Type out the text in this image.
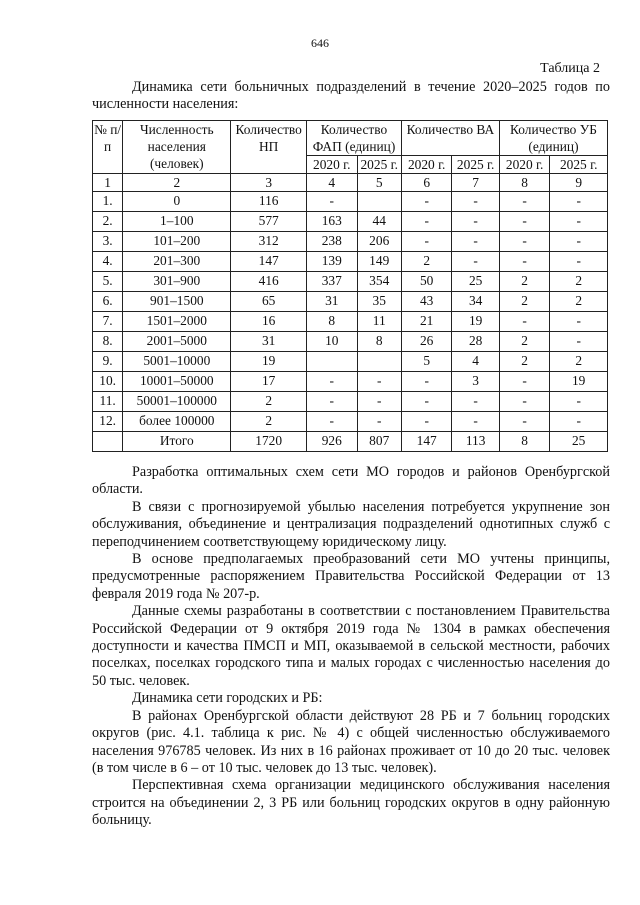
646
Таблица 2
Динамика сети больничных подразделений в течение 2020–2025 годов по численности населения:
№ п/п	Численность населения (человек)	Количество НП	Количество ФАП (единиц)		Количество ВА		Количество УБ (единиц)	
			2020 г.	2025 г.	2020 г.	2025 г.	2020 г.	2025 г.
1	2	3	4	5	6	7	8	9
1.	0	116	-		-	-	-	-
2.	1–100	577	163	44	-	-	-	-
3.	101–200	312	238	206	-	-	-	-
4.	201–300	147	139	149	2	-	-	-
5.	301–900	416	337	354	50	25	2	2
6.	901–1500	65	31	35	43	34	2	2
7.	1501–2000	16	8	11	21	19	-	-
8.	2001–5000	31	10	8	26	28	2	-
9.	5001–10000	19			5	4	2	2
10.	10001–50000	17	-	-	-	3	-	19
11.	50001–100000	2	-	-	-	-	-	-
12.	более 100000	2	-	-	-	-	-	-
	Итого	1720	926	807	147	113	8	25

Разработка оптимальных схем сети МО городов и районов Оренбургской области.

В связи с прогнозируемой убылью населения потребуется укрупнение зон обслуживания, объединение и централизация подразделений однотипных служб с переподчинением соответствующему юридическому лицу.

В основе предполагаемых преобразований сети МО учтены принципы, предусмотренные распоряжением Правительства Российской Федерации от 13 февраля 2019 года № 207-р.

Данные схемы разработаны в соответствии с постановлением Правительства Российской Федерации от 9 октября 2019 года № 1304 в рамках обеспечения доступности и качества ПМСП и МП, оказываемой в сельской местности, рабочих поселках, поселках городского типа и малых городах с численностью населения до 50 тыс. человек.

Динамика сети городских и РБ:

В районах Оренбургской области действуют 28 РБ и 7 больниц городских округов (рис. 4.1. таблица к рис. № 4) с общей численностью обслуживаемого населения 976785 человек. Из них в 16 районах проживает от 10 до 20 тыс. человек (в том числе в 6 – от 10 тыс. человек до 13 тыс. человек).

Перспективная схема организации медицинского обслуживания населения строится на объединении 2, 3 РБ или больниц городских округов в одну районную больницу.
